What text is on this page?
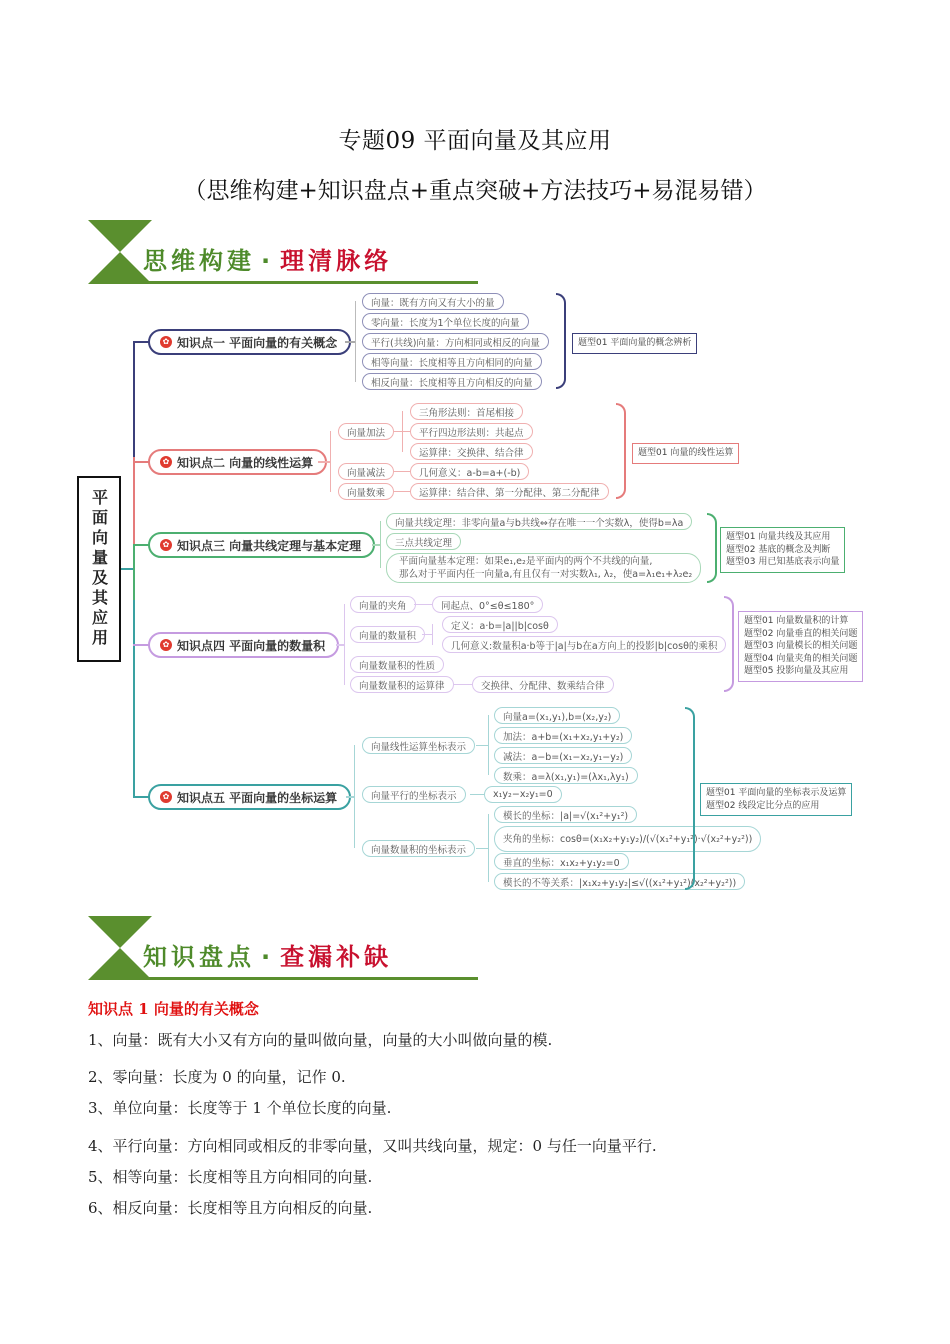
专题09 平面向量及其应用
（思维构建+知识盘点+重点突破+方法技巧+易混易错）
思维构建 · 理清脉络
平面向量及其应用
✿ 知识点一 平面向量的有关概念
向量：既有方向又有大小的量
零向量：长度为1个单位长度的向量
平行(共线)向量：方向相同或相反的向量
相等向量：长度相等且方向相同的向量
相反向量：长度相等且方向相反的向量
题型01 平面向量的概念辨析
✿ 知识点二 向量的线性运算
向量加法
向量减法
向量数乘
三角形法则：首尾相接
平行四边形法则：共起点
运算律：交换律、结合律
几何意义：a-b=a+(-b)
运算律：结合律、第一分配律、第二分配律
题型01 向量的线性运算
✿ 知识点三 向量共线定理与基本定理
向量共线定理：非零向量a与b共线⇔存在唯一一个实数λ，使得b=λa
三点共线定理
平面向量基本定理：如果e₁,e₂是平面内的两个不共线的向量,
那么对于平面内任一向量a,有且仅有一对实数λ₁, λ₂，使a=λ₁e₁+λ₂e₂
题型01 向量共线及其应用
题型02 基底的概念及判断
题型03 用已知基底表示向量
✿ 知识点四 平面向量的数量积
向量的夹角
向量的数量积
向量数量积的性质
向量数量积的运算律
同起点、0°≤θ≤180°
定义：a·b=|a||b|cosθ
几何意义:数量积a·b等于|a|与b在a方向上的投影|b|cosθ的乘积
交换律、分配律、数乘结合律
题型01 向量数量积的计算
题型02 向量垂直的相关问题
题型03 向量模长的相关问题
题型04 向量夹角的相关问题
题型05 投影向量及其应用
✿ 知识点五 平面向量的坐标运算
向量线性运算坐标表示
向量平行的坐标表示
向量数量积的坐标表示
向量a=(x₁,y₁),b=(x₂,y₂)
加法：a+b=(x₁+x₂,y₁+y₂)
减法：a−b=(x₁−x₂,y₁−y₂)
数乘：a=λ(x₁,y₁)=(λx₁,λy₁)
x₁y₂−x₂y₁=0
模长的坐标：|a|=√(x₁²+y₁²)
夹角的坐标：cosθ=(x₁x₂+y₁y₂)/(√(x₁²+y₁²)·√(x₂²+y₂²))
垂直的坐标：x₁x₂+y₁y₂=0
模长的不等关系：|x₁x₂+y₁y₂|≤√((x₁²+y₁²)(x₂²+y₂²))
题型01 平面向量的坐标表示及运算
题型02 线段定比分点的应用
知识盘点 · 查漏补缺
知识点 1 向量的有关概念
1、向量：既有大小又有方向的量叫做向量，向量的大小叫做向量的模.
2、零向量：长度为 0 的向量，记作 0.
3、单位向量：长度等于 1 个单位长度的向量.
4、平行向量：方向相同或相反的非零向量，又叫共线向量，规定：0 与任一向量平行.
5、相等向量：长度相等且方向相同的向量.
6、相反向量：长度相等且方向相反的向量.
